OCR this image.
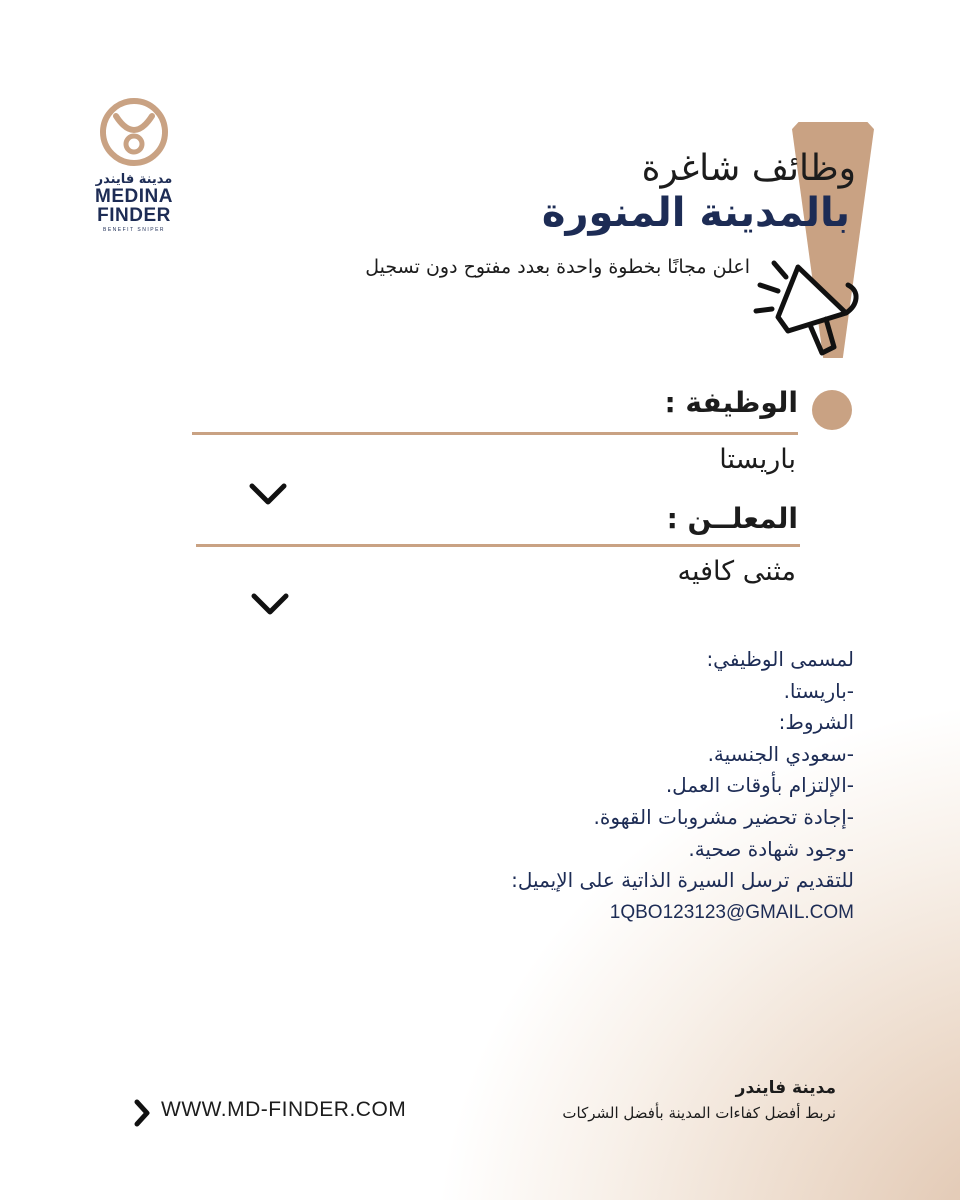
مدينة فايندر
MEDINA
FINDER
BENEFIT SNIPER
وظائف شاغرة
بالمدينة المنورة
اعلن مجانًا بخطوة واحدة بعدد مفتوح دون تسجيل
الوظيفة :
باريستا
المعلــن :
مثنى كافيه
لمسمى الوظيفي:
-باريستا.
الشروط:
-سعودي الجنسية.
-الإلتزام بأوقات العمل.
-إجادة تحضير مشروبات القهوة.
-وجود شهادة صحية.
للتقديم ترسل السيرة الذاتية على الإيميل:
1QBO123123@GMAIL.COM
مدينة فايندر
نربط أفضل كفاءات المدينة بأفضل الشركات
WWW.MD-FINDER.COM
